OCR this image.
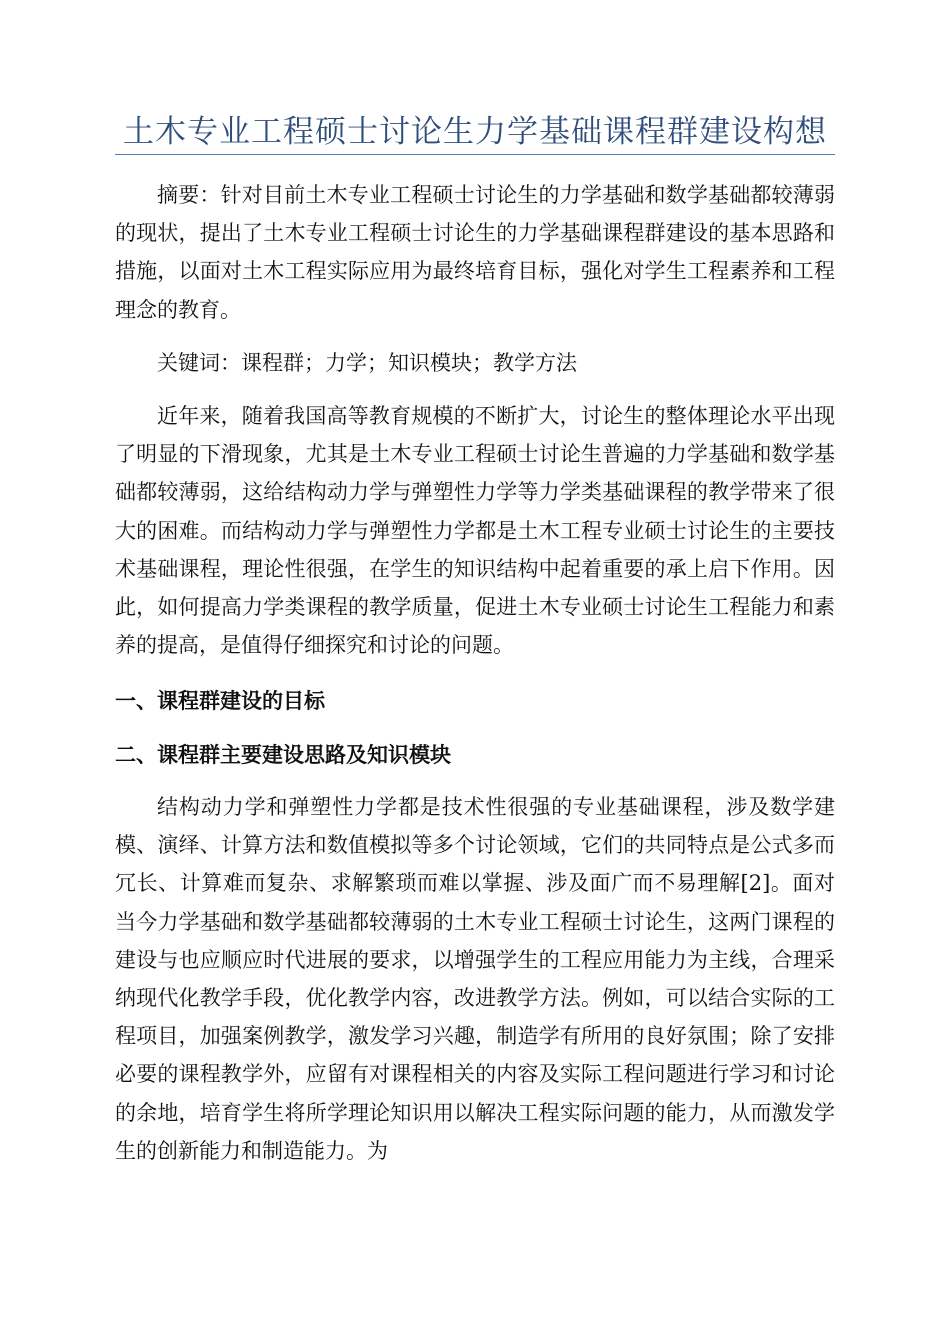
土木专业工程硕士讨论生力学基础课程群建设构想
摘要：针对目前土木专业工程硕士讨论生的力学基础和数学基础都较薄弱的现状，提出了土木专业工程硕士讨论生的力学基础课程群建设的基本思路和措施，以面对土木工程实际应用为最终培育目标，强化对学生工程素养和工程理念的教育。
关键词：课程群；力学；知识模块；教学方法
近年来，随着我国高等教育规模的不断扩大，讨论生的整体理论水平出现了明显的下滑现象，尤其是土木专业工程硕士讨论生普遍的力学基础和数学基础都较薄弱，这给结构动力学与弹塑性力学等力学类基础课程的教学带来了很大的困难。而结构动力学与弹塑性力学都是土木工程专业硕士讨论生的主要技术基础课程，理论性很强，在学生的知识结构中起着重要的承上启下作用。因此，如何提高力学类课程的教学质量，促进土木专业硕士讨论生工程能力和素养的提高，是值得仔细探究和讨论的问题。
一、课程群建设的目标
二、课程群主要建设思路及知识模块
结构动力学和弹塑性力学都是技术性很强的专业基础课程，涉及数学建模、演绎、计算方法和数值模拟等多个讨论领域，它们的共同特点是公式多而冗长、计算难而复杂、求解繁琐而难以掌握、涉及面广而不易理解[2]。面对当今力学基础和数学基础都较薄弱的土木专业工程硕士讨论生，这两门课程的建设与也应顺应时代进展的要求，以增强学生的工程应用能力为主线，合理采纳现代化教学手段，优化教学内容，改进教学方法。例如，可以结合实际的工程项目，加强案例教学，激发学习兴趣，制造学有所用的良好氛围；除了安排必要的课程教学外，应留有对课程相关的内容及实际工程问题进行学习和讨论的余地，培育学生将所学理论知识用以解决工程实际问题的能力，从而激发学生的创新能力和制造能力。为
